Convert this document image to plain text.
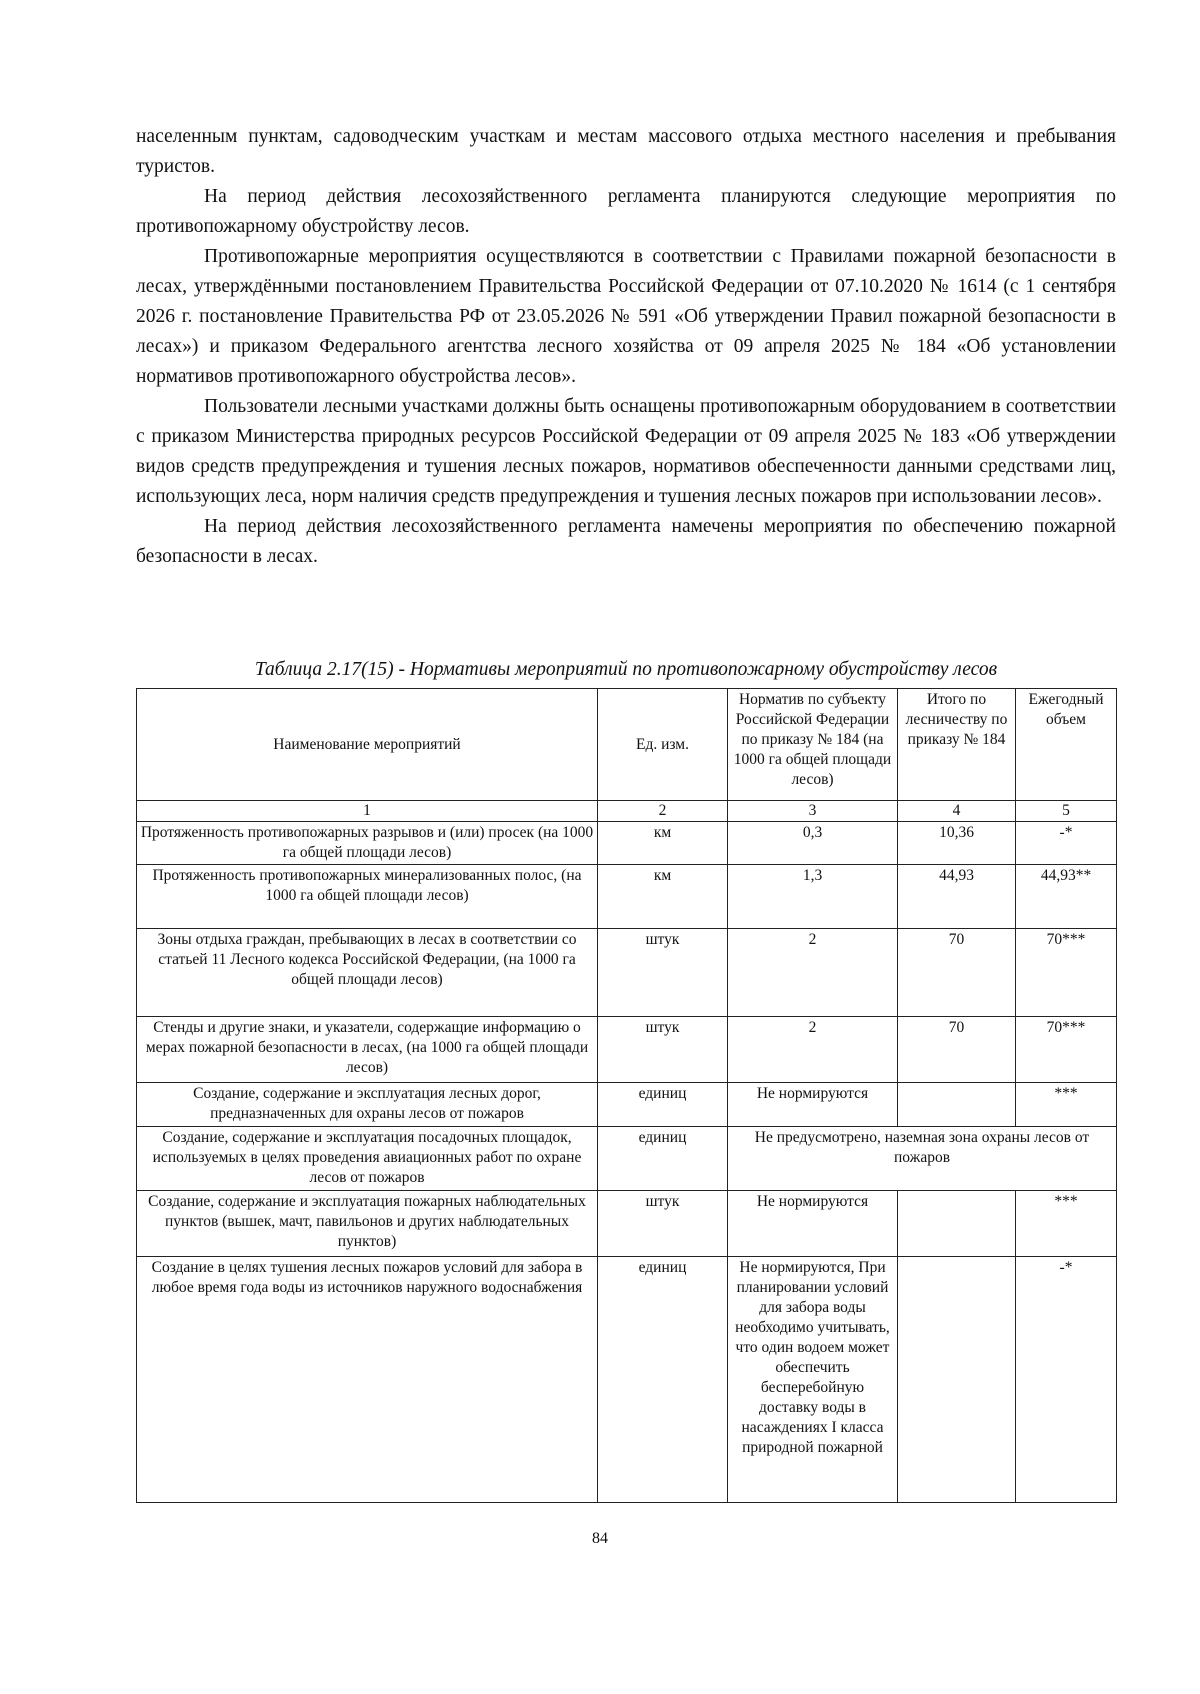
населенным пунктам, садоводческим участкам и местам массового отдыха местного населения и пребывания туристов.

На период действия лесохозяйственного регламента планируются следующие мероприятия по противопожарному обустройству лесов.

Противопожарные мероприятия осуществляются в соответствии с Правилами пожарной безопасности в лесах, утверждёнными постановлением Правительства Российской Федерации от 07.10.2020 № 1614 (с 1 сентября 2026 г. постановление Правительства РФ от 23.05.2026 № 591 «Об утверждении Правил пожарной безопасности в лесах») и приказом Федерального агентства лесного хозяйства от 09 апреля 2025 № 184 «Об установлении нормативов противопожарного обустройства лесов».

Пользователи лесными участками должны быть оснащены противопожарным оборудованием в соответствии с приказом Министерства природных ресурсов Российской Федерации от 09 апреля 2025 № 183 «Об утверждении видов средств предупреждения и тушения лесных пожаров, нормативов обеспеченности данными средствами лиц, использующих леса, норм наличия средств предупреждения и тушения лесных пожаров при использовании лесов».

На период действия лесохозяйственного регламента намечены мероприятия по обеспечению пожарной безопасности в лесах.

Таблица 2.17(15) - Нормативы мероприятий по противопожарному обустройству лесов
Наименование мероприятий	Ед. изм.	Норматив по субъекту Российской Федерации по приказу № 184 (на 1000 га общей площади лесов)	Итого по лесничеству по приказу № 184	Ежегодный объем
1	2	3	4	5
Протяженность противопожарных разрывов и (или) просек (на 1000 га общей площади лесов)	км	0,3	10,36	-*
Протяженность противопожарных минерализованных полос, (на 1000 га общей площади лесов)	км	1,3	44,93	44,93**
Зоны отдыха граждан, пребывающих в лесах в соответствии со статьей 11 Лесного кодекса Российской Федерации, (на 1000 га общей площади лесов)	штук	2	70	70***
Стенды и другие знаки, и указатели, содержащие информацию о мерах пожарной безопасности в лесах, (на 1000 га общей площади лесов)	штук	2	70	70***
Создание, содержание и эксплуатация лесных дорог, предназначенных для охраны лесов от пожаров	единиц	Не нормируются		***
Создание, содержание и эксплуатация посадочных площадок, используемых в целях проведения авиационных работ по охране лесов от пожаров	единиц	Не предусмотрено, наземная зона охраны лесов от пожаров		
Создание, содержание и эксплуатация пожарных наблюдательных пунктов (вышек, мачт, павильонов и других наблюдательных пунктов)	штук	Не нормируются		***
Создание в целях тушения лесных пожаров условий для забора в любое время года воды из источников наружного водоснабжения	единиц	Не нормируются, При планировании условий для забора воды необходимо учитывать, что один водоем может обеспечить бесперебойную доставку воды в насаждениях I класса природной пожарной		-*
84
